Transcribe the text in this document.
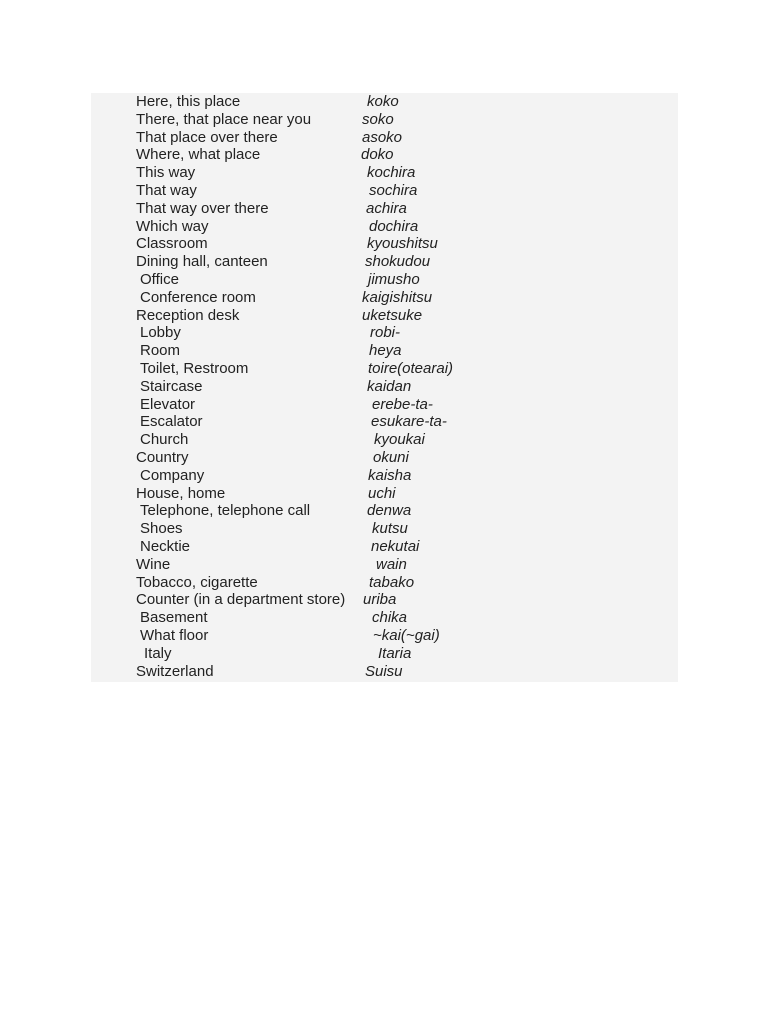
Here, this place	koko
There, that place near you	soko
That place over there	asoko
Where, what place	doko
This way	kochira
That way	sochira
That way over there	achira
Which way	dochira
Classroom	kyoushitsu
Dining hall, canteen	shokudou
Office	jimusho
Conference room	kaigishitsu
Reception desk	uketsuke
Lobby	robi-
Room	heya
Toilet, Restroom	toire(otearai)
Staircase	kaidan
Elevator	erebe-ta-
Escalator	esukare-ta-
Church	kyoukai
Country	okuni
Company	kaisha
House, home	uchi
Telephone, telephone call	denwa
Shoes	kutsu
Necktie	nekutai
Wine	wain
Tobacco, cigarette	tabako
Counter (in a department store) uriba
Basement	chika
What floor	~kai(~gai)
Italy	Itaria
Switzerland	Suisu
